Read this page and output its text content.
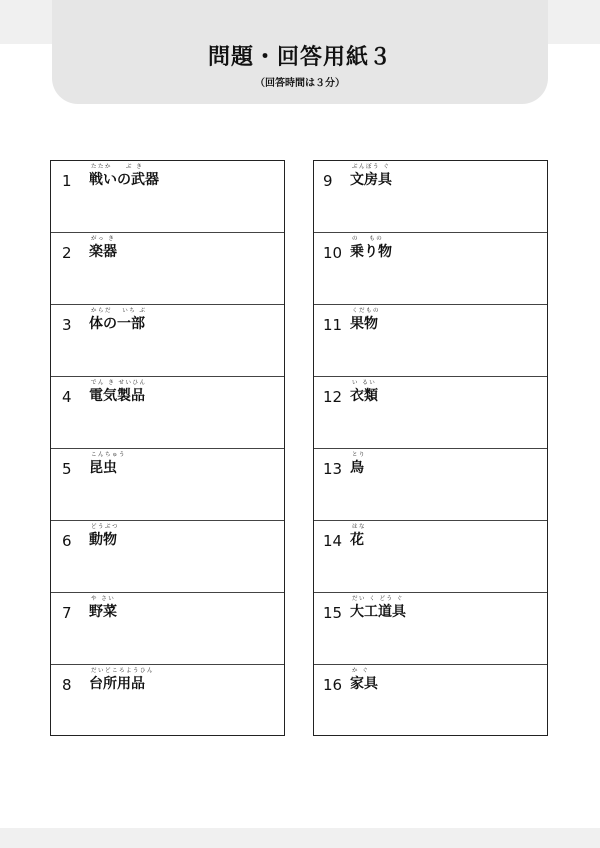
問題・回答用紙３
（回答時間は３分）
1
たたか　　ぶ き
戦いの武器
2
がっ き
楽器
3
からだ　 いち ぶ
体の一部
4
でん き せいひん
電気製品
5
こんちゅう
昆虫
6
どうぶつ
動物
7
や さい
野菜
8
だいどころようひん
台所用品
9
ぶんぼう ぐ
文房具
10
の　 もの
乗り物
11
くだもの
果物
12
い るい
衣類
13
とり
鳥
14
はな
花
15
だい く どう ぐ
大工道具
16
か ぐ
家具
